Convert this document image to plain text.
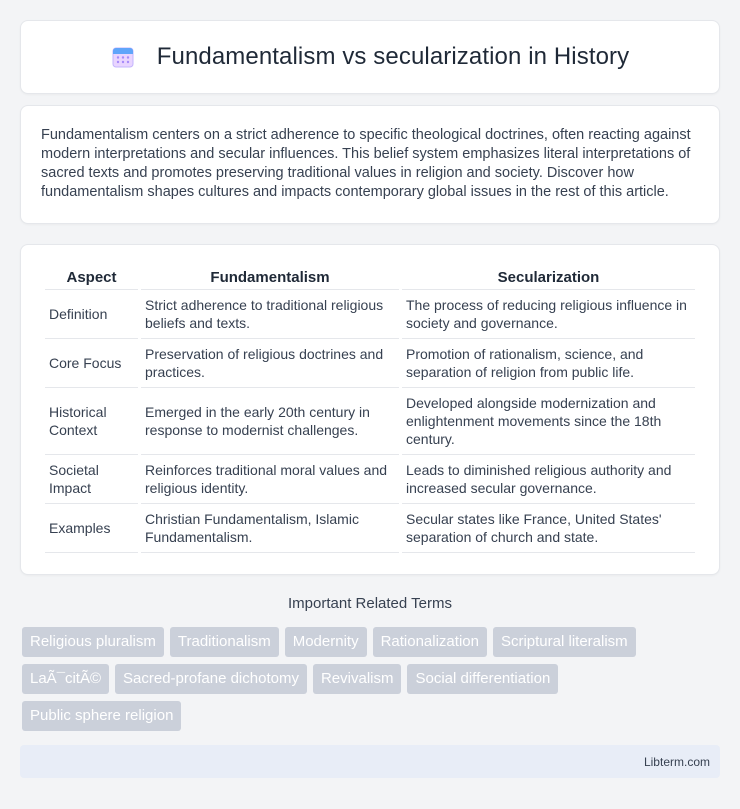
Fundamentalism vs secularization in History

Fundamentalism centers on a strict adherence to specific theological doctrines, often reacting against modern interpretations and secular influences. This belief system emphasizes literal interpretations of sacred texts and promotes preserving traditional values in religion and society. Discover how fundamentalism shapes cultures and impacts contemporary global issues in the rest of this article.

Aspect	Fundamentalism	Secularization
Definition	Strict adherence to traditional religious beliefs and texts.	The process of reducing religious influence in society and governance.
Core Focus	Preservation of religious doctrines and practices.	Promotion of rationalism, science, and separation of religion from public life.
Historical Context	Emerged in the early 20th century in response to modernist challenges.	Developed alongside modernization and enlightenment movements since the 18th century.
Societal Impact	Reinforces traditional moral values and religious identity.	Leads to diminished religious authority and increased secular governance.
Examples	Christian Fundamentalism, Islamic Fundamentalism.	Secular states like France, United States' separation of church and state.
Important Related Terms
Religious pluralism	Traditionalism	Modernity	Rationalization	Scriptural literalism
LaÃ¯citÃ©	Sacred-profane dichotomy	Revivalism	Social differentiation
Public sphere religion
Libterm.com
